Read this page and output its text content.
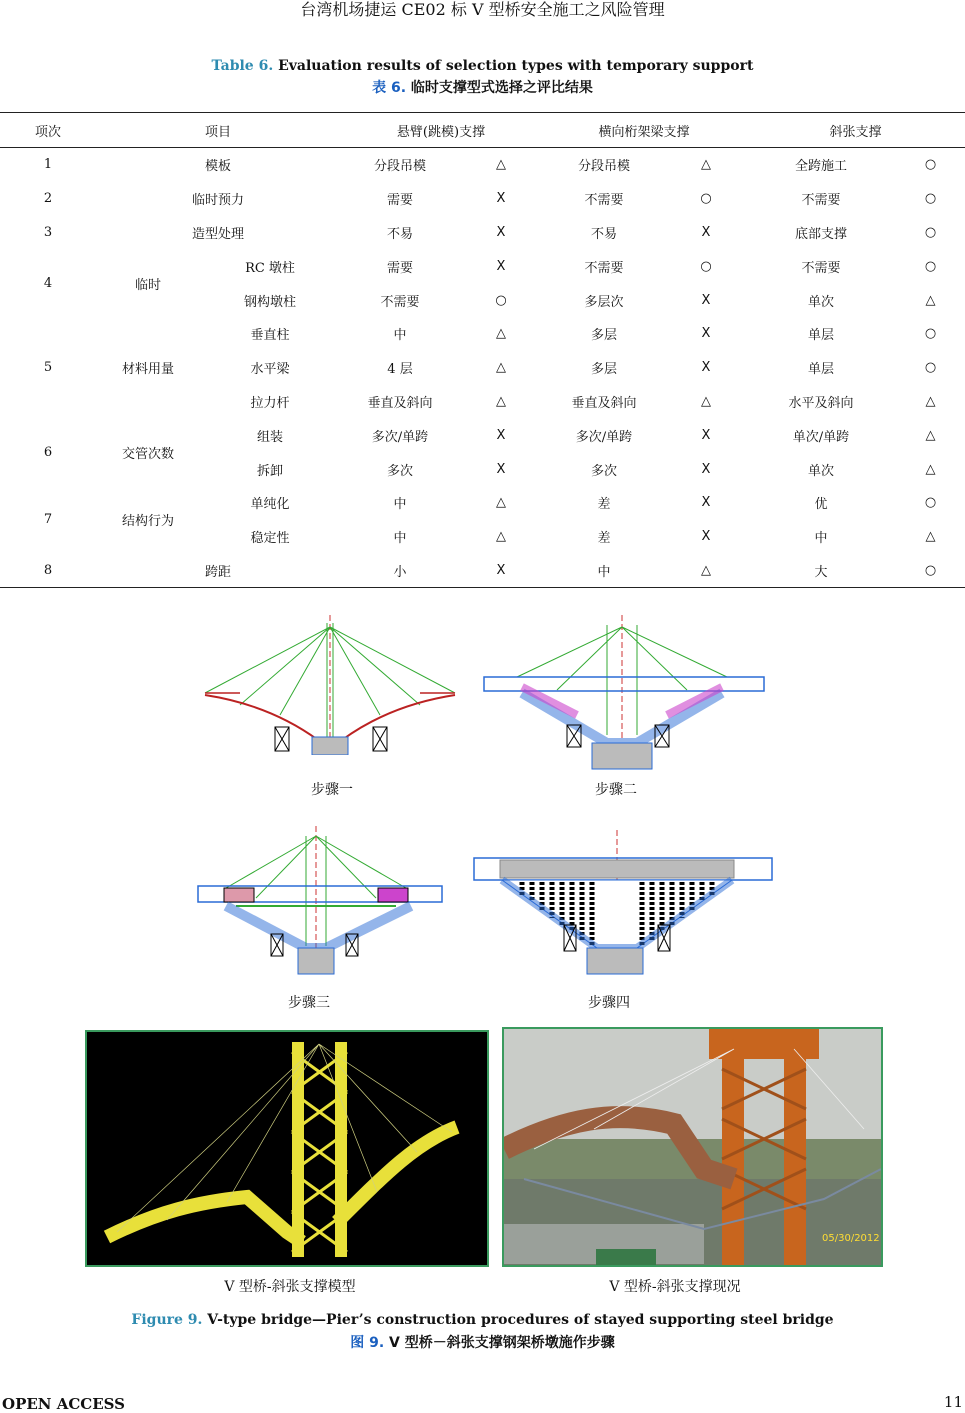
台湾机场捷运 CE02 标 V 型桥安全施工之风险管理
Table 6. Evaluation results of selection types with temporary support
表 6. 临时支撑型式选择之评比结果
项次	项目		悬臂(跳模)支撑		横向桁架梁支撑		斜张支撑	
1	模板		分段吊模	△	分段吊模	△	全跨施工	○
2	临时预力		需要	X	不需要	○	不需要	○
3	造型处理		不易	X	不易	X	底部支撑	○
4	临时	RC 墩柱	需要	X	不需要	○	不需要	○
		钢构墩柱	不需要	○	多层次	X	单次	△
5	材料用量	垂直柱	中	△	多层	X	单层	○
		水平梁	4 层	△	多层	X	单层	○
		拉力杆	垂直及斜向	△	垂直及斜向	△	水平及斜向	△
6	交管次数	组装	多次/单跨	X	多次/单跨	X	单次/单跨	△
		拆卸	多次	X	多次	X	单次	△
7	结构行为	单纯化	中	△	差	X	优	○
		稳定性	中	△	差	X	中	△
8	跨距		小	X	中	△	大	○
步骤一	步骤二
步骤三	步骤四
05/30/2012
V 型桥-斜张支撑模型	V 型桥-斜张支撑现况
Figure 9. V-type bridge—Pier’s construction procedures of stayed supporting steel bridge
图 9. V 型桥－斜张支撑钢架桥墩施作步骤
OPEN ACCESS	11
